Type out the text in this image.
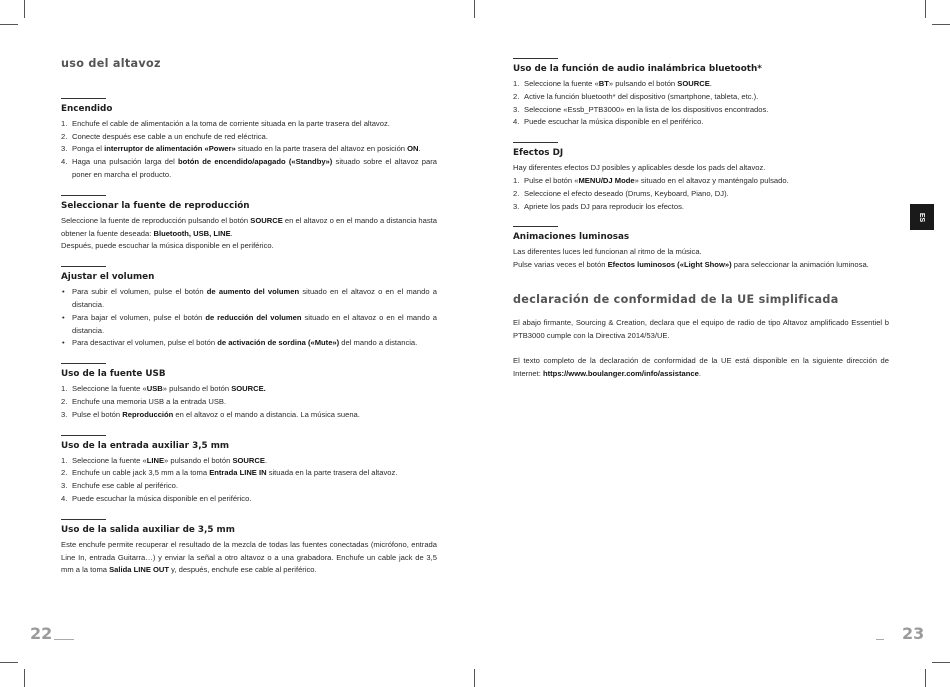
uso del altavoz
Encendido
1. Enchufe el cable de alimentación a la toma de corriente situada en la parte trasera del altavoz.
2. Conecte después ese cable a un enchufe de red eléctrica.
3. Ponga el interruptor de alimentación «Power» situado en la parte trasera del altavoz en posición ON.
4. Haga una pulsación larga del botón de encendido/apagado («Standby») situado sobre el altavoz para poner en marcha el producto.
Seleccionar la fuente de reproducción

Seleccione la fuente de reproducción pulsando el botón SOURCE en el altavoz o en el mando a distancia hasta obtener la fuente deseada: Bluetooth, USB, LINE.

Después, puede escuchar la música disponible en el periférico.

Ajustar el volumen
• Para subir el volumen, pulse el botón de aumento del volumen situado en el altavoz o en el mando a distancia.
• Para bajar el volumen, pulse el botón de reducción del volumen situado en el altavoz o en el mando a distancia.
• Para desactivar el volumen, pulse el botón de activación de sordina («Mute») del mando a distancia.
Uso de la fuente USB
1. Seleccione la fuente «USB» pulsando el botón SOURCE.
2. Enchufe una memoria USB a la entrada USB.
3. Pulse el botón Reproducción en el altavoz o el mando a distancia. La música suena.
Uso de la entrada auxiliar 3,5 mm
1. Seleccione la fuente «LINE» pulsando el botón SOURCE.
2. Enchufe un cable jack 3,5 mm a la toma Entrada LINE IN situada en la parte trasera del altavoz.
3. Enchufe ese cable al periférico.
4. Puede escuchar la música disponible en el periférico.
Uso de la salida auxiliar de 3,5 mm

Este enchufe permite recuperar el resultado de la mezcla de todas las fuentes conectadas (micrófono, entrada Line In, entrada Guitarra…) y enviar la señal a otro altavoz o a una grabadora. Enchufe un cable jack de 3,5 mm a la toma Salida LINE OUT y, después, enchufe ese cable al periférico.

Uso de la función de audio inalámbrica bluetooth*
1. Seleccione la fuente «BT» pulsando el botón SOURCE.
2. Active la función bluetooth* del dispositivo (smartphone, tableta, etc.).
3. Seleccione «Essb_PTB3000» en la lista de los dispositivos encontrados.
4. Puede escuchar la música disponible en el periférico.
Efectos DJ

Hay diferentes efectos DJ posibles y aplicables desde los pads del altavoz.

1. Pulse el botón «MENU/DJ Mode» situado en el altavoz y manténgalo pulsado.
2. Seleccione el efecto deseado (Drums, Keyboard, Piano, DJ).
3. Apriete los pads DJ para reproducir los efectos.
Animaciones luminosas

Las diferentes luces led funcionan al ritmo de la música.

Pulse varias veces el botón Efectos luminosos («Light Show») para seleccionar la animación luminosa.

declaración de conformidad de la UE simplificada

El abajo firmante, Sourcing & Creation, declara que el equipo de radio de tipo Altavoz amplificado Essentiel b PTB3000 cumple con la Directiva 2014/53/UE.

El texto completo de la declaración de conformidad de la UE está disponible en la siguiente dirección de Internet: https://www.boulanger.com/info/assistance.

ES
22	23
